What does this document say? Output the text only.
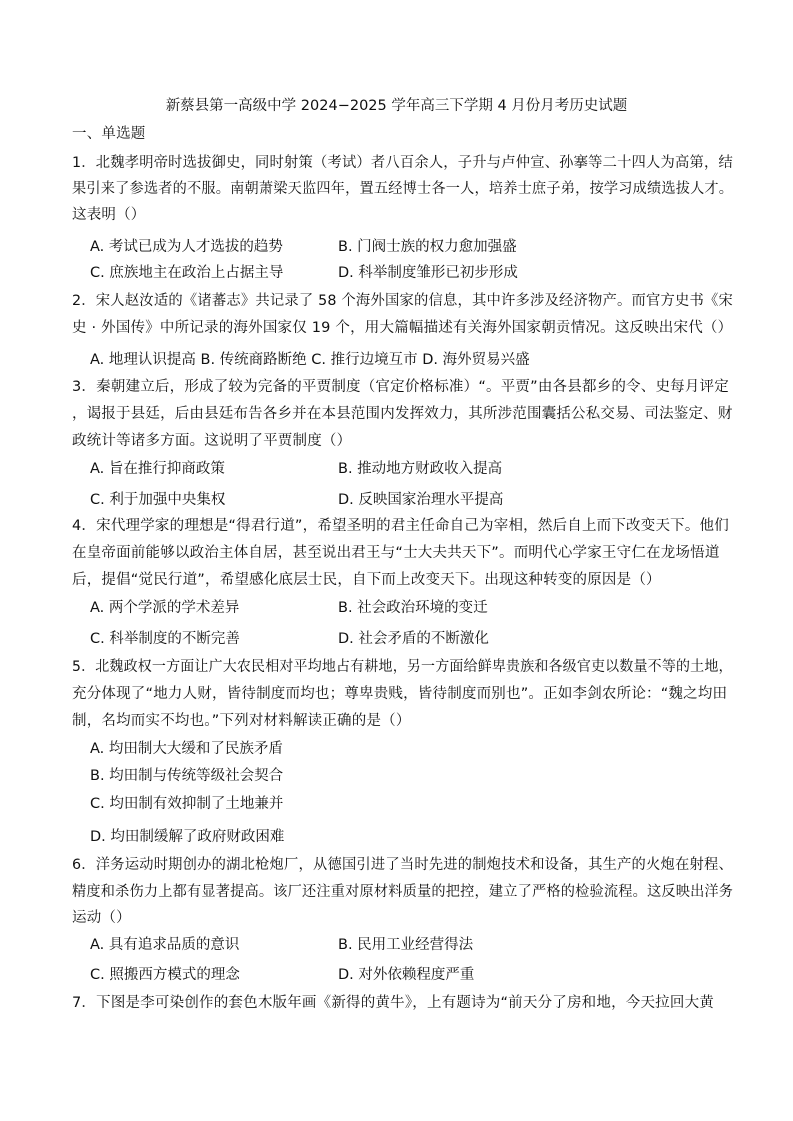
新蔡县第一高级中学 2024−2025 学年高三下学期 4 月份月考历史试题
一、单选题
1．北魏孝明帝时选拔御史，同时射策（考试）者八百余人，子升与卢仲宣、孙搴等二十四人为高第，结
果引来了参选者的不服。南朝萧梁天监四年，置五经博士各一人，培养士庶子弟，按学习成绩选拔人才。
这表明（）
A. 考试已成为人才选拔的趋势	B. 门阀士族的权力愈加强盛
C. 庶族地主在政治上占据主导	D. 科举制度雏形已初步形成
2．宋人赵汝适的《诸蕃志》共记录了 58 个海外国家的信息，其中许多涉及经济物产。而官方史书《宋
史 · 外国传》中所记录的海外国家仅 19 个，用大篇幅描述有关海外国家朝贡情况。这反映出宋代（）
A. 地理认识提高 B. 传统商路断绝 C. 推行边境互市 D. 海外贸易兴盛
3．秦朝建立后，形成了较为完备的平贾制度（官定价格标准）“。平贾”由各县都乡的令、史每月评定
，谒报于县廷，后由县廷布告各乡并在本县范围内发挥效力，其所涉范围囊括公私交易、司法鉴定、财
政统计等诸多方面。这说明了平贾制度（）
A. 旨在推行抑商政策	B. 推动地方财政收入提高
C. 利于加强中央集权	D. 反映国家治理水平提高
4．宋代理学家的理想是“得君行道”，希望圣明的君主任命自己为宰相，然后自上而下改变天下。他们
在皇帝面前能够以政治主体自居，甚至说出君王与“士大夫共天下”。而明代心学家王守仁在龙场悟道
后，提倡“觉民行道”，希望感化底层士民，自下而上改变天下。出现这种转变的原因是（）
A. 两个学派的学术差异	B. 社会政治环境的变迁
C. 科举制度的不断完善	D. 社会矛盾的不断激化
5．北魏政权一方面让广大农民相对平均地占有耕地，另一方面给鲜卑贵族和各级官吏以数量不等的土地，
充分体现了“地力人财，皆待制度而均也；尊卑贵贱，皆待制度而别也”。正如李剑农所论：“魏之均田
制，名均而实不均也。”下列对材料解读正确的是（）
A. 均田制大大缓和了民族矛盾
B. 均田制与传统等级社会契合
C. 均田制有效抑制了土地兼并
D. 均田制缓解了政府财政困难
6．洋务运动时期创办的湖北枪炮厂，从德国引进了当时先进的制炮技术和设备，其生产的火炮在射程、
精度和杀伤力上都有显著提高。该厂还注重对原材料质量的把控，建立了严格的检验流程。这反映出洋务
运动（）
A. 具有追求品质的意识	B. 民用工业经营得法
C. 照搬西方模式的理念	D. 对外依赖程度严重
7．下图是李可染创作的套色木版年画《新得的黄牛》，上有题诗为“前天分了房和地，今天拉回大黄
